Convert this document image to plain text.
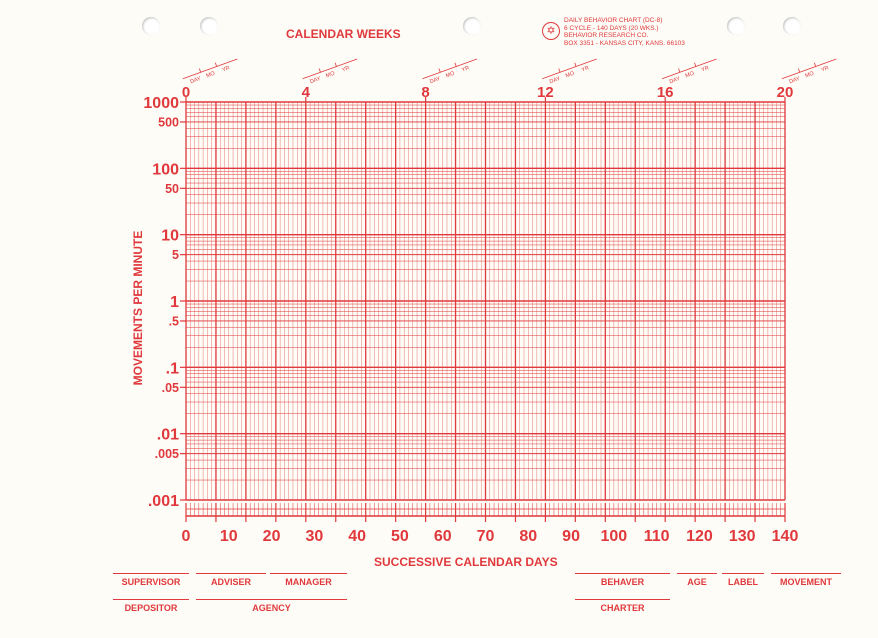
CALENDAR WEEKS	✡
DAILY BEHAVIOR CHART (DC-8)
6 CYCLE - 140 DAYS (20 WKS.)
BEHAVIOR RESEARCH CO.
BOX 3351 - KANSAS CITY, KANS. 66103
1000
500
100
50
10
5
1
.5
.1
.05
.01
.005
.001
0 10 20 30 40 50 60 70 80 90 100 110 120 130 140
0
DAY
MO
YR
4
DAY
MO
YR
8
DAY
MO
YR
12
DAY
MO
YR
16
DAY
MO
YR
20
DAY
MO
YR
MOVEMENTS PER MINUTE
SUCCESSIVE CALENDAR DAYS
SUPERVISOR	ADVISER	MANAGER
DEPOSITOR	AGENCY
BEHAVER	AGE	LABEL	MOVEMENT
CHARTER
